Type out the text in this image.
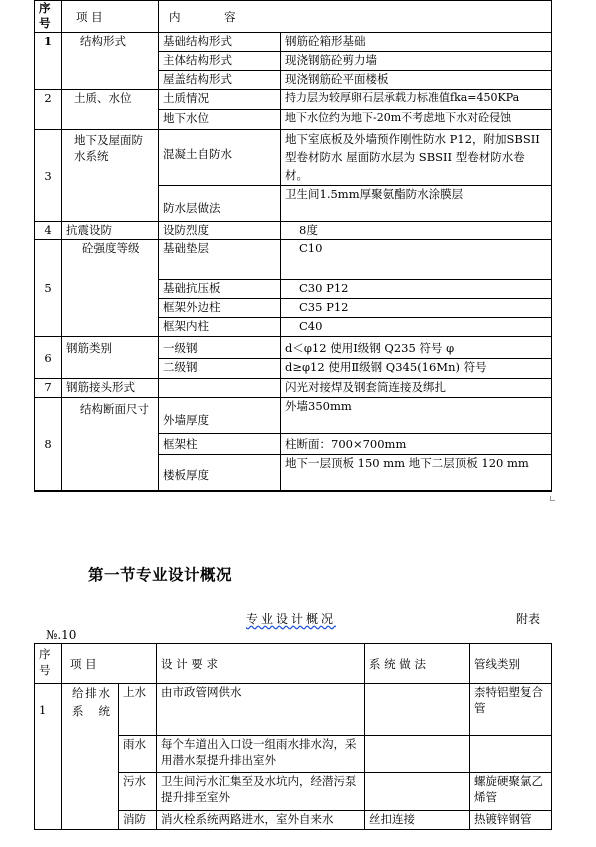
序号	项 目	内 容	
1	结构形式	基础结构形式	钢筋砼箱形基础
		主体结构形式	现浇钢筋砼剪力墙
		屋盖结构形式	现浇钢筋砼平面楼板
2	土质、水位	土质情况	持力层为较厚卵石层承载力标准值fka=450KPa
		地下水位	地下水位约为地下-20m不考虑地下水对砼侵蚀
3	地下及屋面防水系统	混凝土自防水	地下室底板及外墙预作刚性防水 P12，附加SBSII 型卷材防水 屋面防水层为 SBSII 型卷材防水卷材。
		防水层做法	卫生间1.5mm厚聚氨酯防水涂膜层
4	抗震设防	设防烈度	8度
5	砼强度等级	基础垫层	C10
		基础抗压板	C30 P12
		框架外边柱	C35 P12
		框架内柱	C40
6	钢筋类别	一级钢	d＜φ12 使用Ⅰ级钢 Q235 符号 φ
		二级钢	d≥φ12 使用Ⅱ级钢 Q345(16Mn) 符号
7	钢筋接头形式		闪光对接焊及钢套筒连接及绑扎
8	结构断面尺寸	外墙厚度	外墙350mm
		框架柱	柱断面：700×700mm
		楼板厚度	地下一层顶板 150 mm 地下二层顶板 120 mm
第一节专业设计概况
专业设计概况	附表
№.10
序号	项 目		设 计 要 求	系 统 做 法	管线类别
1	给排水系统	上水	由市政管网供水		柰特铝塑复合管
		雨水	每个车道出入口设一组雨水排水沟，采用潜水泵提升排出室外		
		污水	卫生间污水汇集至及水坑内，经潜污泵提升排至室外		螺旋硬聚氯乙烯管
		消防	消火栓系统两路进水，室外自来水	丝扣连接	热镀锌钢管
